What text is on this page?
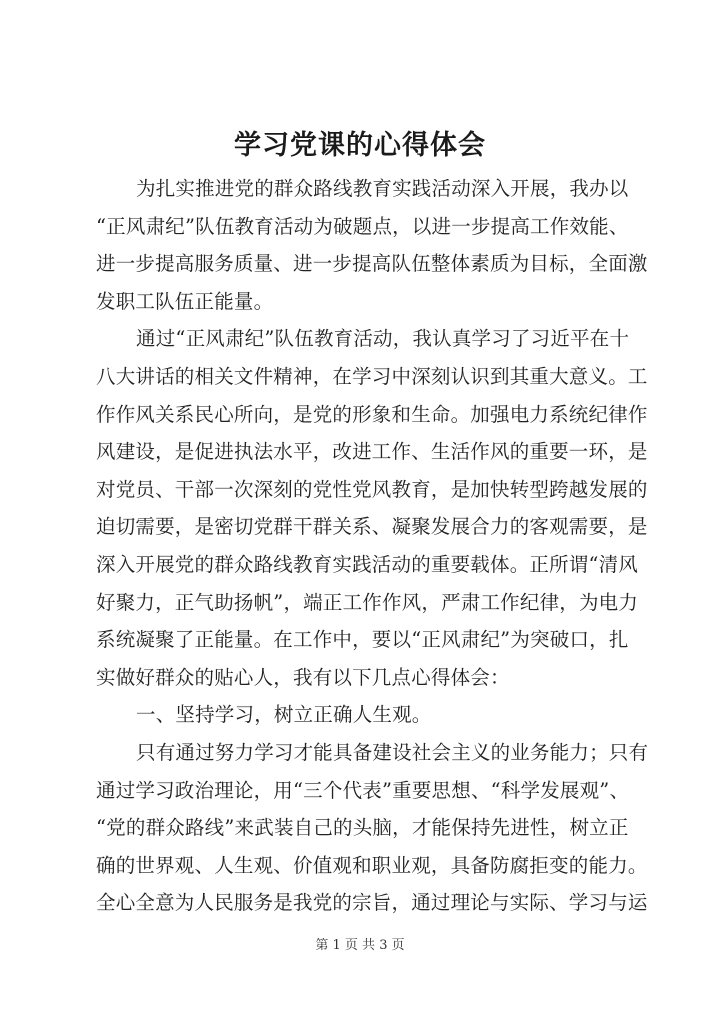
学习党课的心得体会
为扎实推进党的群众路线教育实践活动深入开展，我办以
“正风肃纪”队伍教育活动为破题点，以进一步提高工作效能、
进一步提高服务质量、进一步提高队伍整体素质为目标，全面激
发职工队伍正能量。
通过“正风肃纪”队伍教育活动，我认真学习了习近平在十
八大讲话的相关文件精神，在学习中深刻认识到其重大意义。工
作作风关系民心所向，是党的形象和生命。加强电力系统纪律作
风建设，是促进执法水平，改进工作、生活作风的重要一环，是
对党员、干部一次深刻的党性党风教育，是加快转型跨越发展的
迫切需要，是密切党群干群关系、凝聚发展合力的客观需要，是
深入开展党的群众路线教育实践活动的重要载体。正所谓“清风
好聚力，正气助扬帆”，端正工作作风，严肃工作纪律，为电力
系统凝聚了正能量。在工作中，要以“正风肃纪”为突破口，扎
实做好群众的贴心人，我有以下几点心得体会：
一、坚持学习，树立正确人生观。
只有通过努力学习才能具备建设社会主义的业务能力；只有
通过学习政治理论，用“三个代表”重要思想、“科学发展观”、
“党的群众路线”来武装自己的头脑，才能保持先进性，树立正
确的世界观、人生观、价值观和职业观，具备防腐拒变的能力。
全心全意为人民服务是我党的宗旨，通过理论与实际、学习与运
第 1 页 共 3 页
